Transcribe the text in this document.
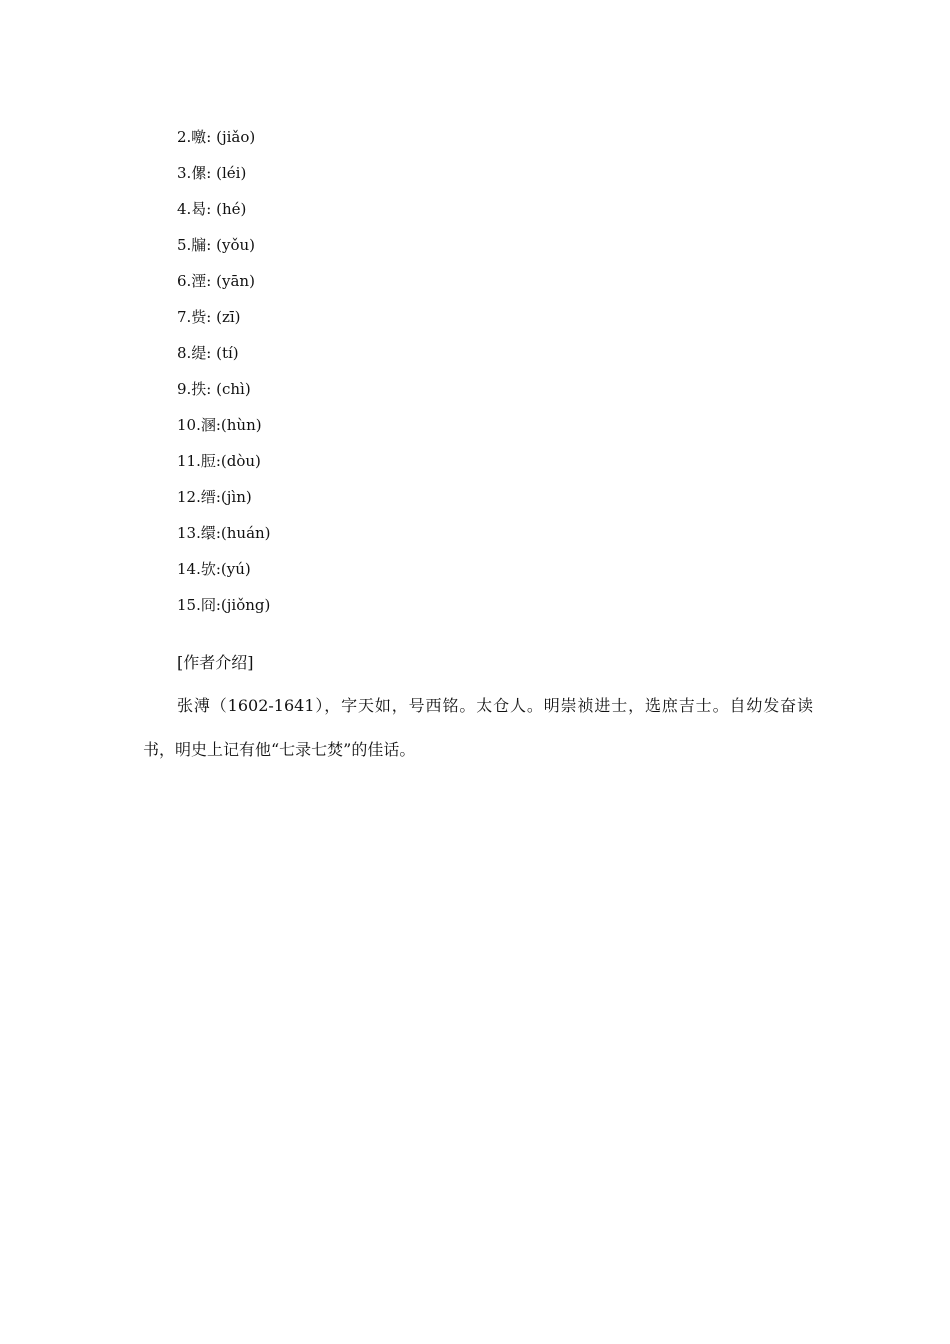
2.噭: (jiǎo)
3.傫: (léi)
4.曷: (hé)
5.牖: (yǒu)
6.湮: (yān)
7.赀: (zī)
8.缇: (tí)
9.抶: (chì)
10.溷:(hùn)
11.脰:(dòu)
12.缙:(jìn)
13.缳:(huán)
14.欤:(yú)
15.冏:(jiǒng)
[作者介绍]

张溥（1602-1641），字天如，号西铭。太仓人。明崇祯进士，选庶吉士。自幼发奋读书，明史上记有他“七录七焚”的佳话。
